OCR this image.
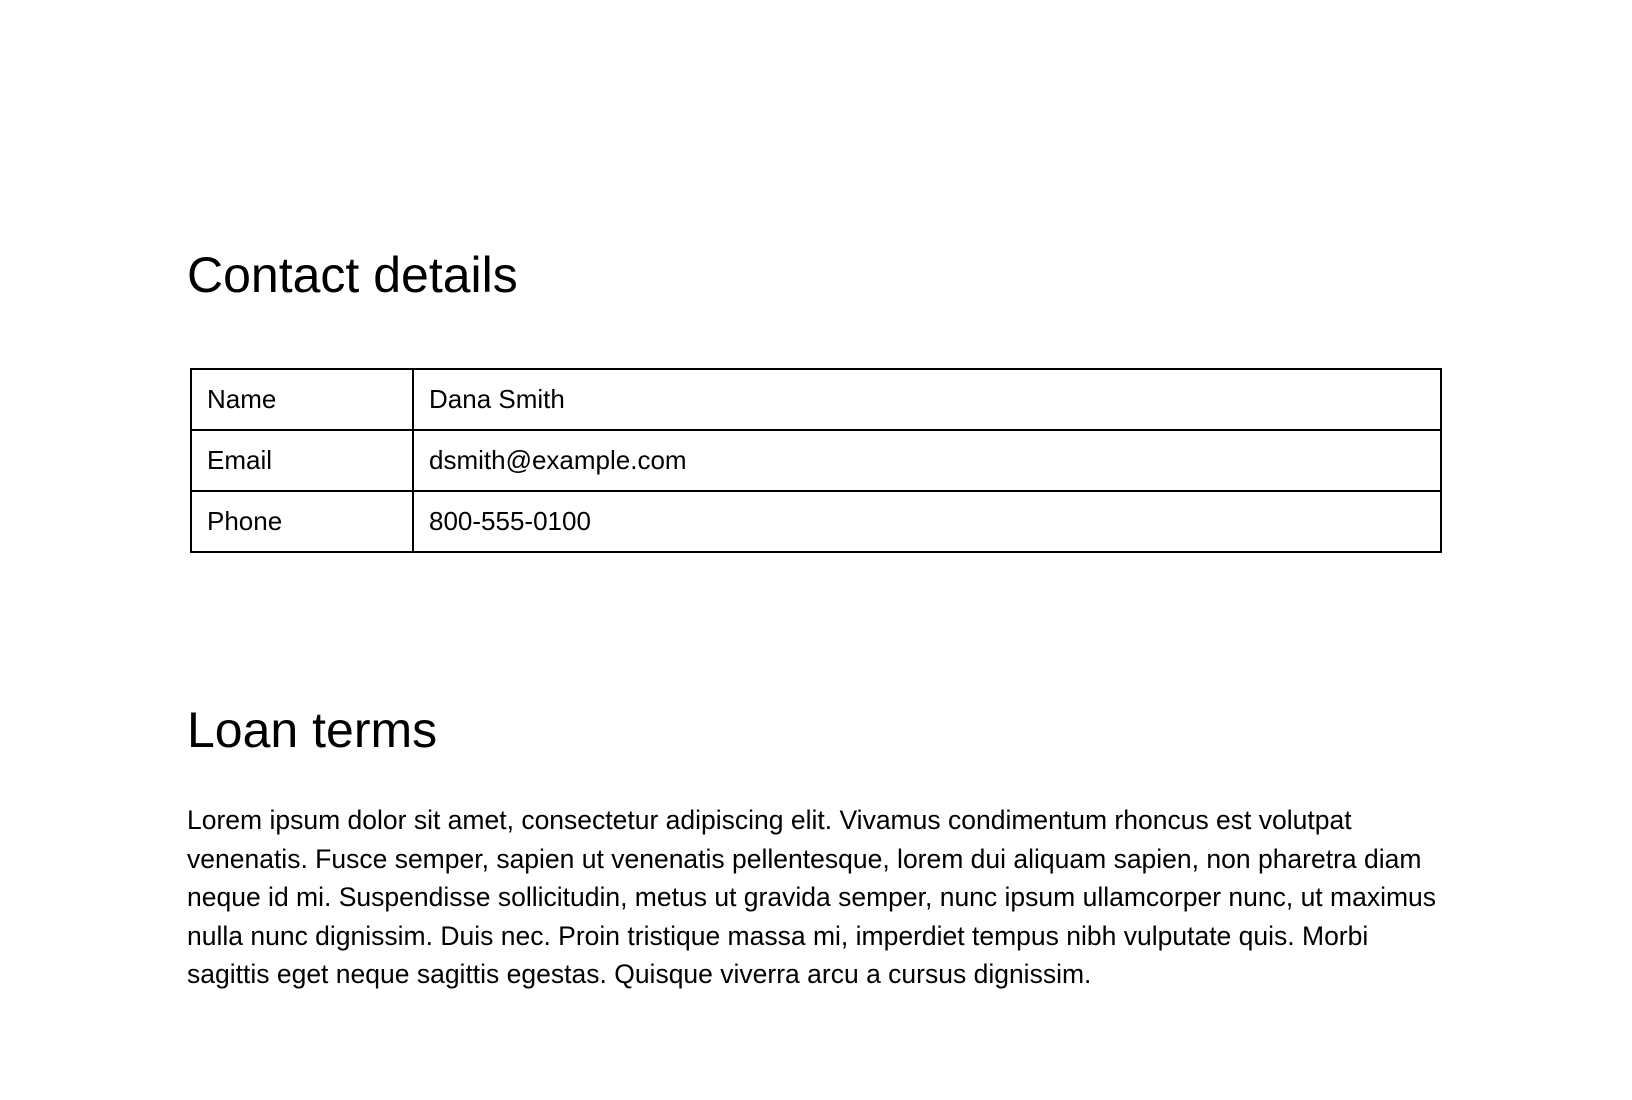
Contact details
Name	Dana Smith
Email	dsmith@example.com
Phone	800-555-0100
Loan terms

Lorem ipsum dolor sit amet, consectetur adipiscing elit. Vivamus condimentum rhoncus est volutpat venenatis. Fusce semper, sapien ut venenatis pellentesque, lorem dui aliquam sapien, non pharetra diam neque id mi. Suspendisse sollicitudin, metus ut gravida semper, nunc ipsum ullamcorper nunc, ut maximus nulla nunc dignissim. Duis nec. Proin tristique massa mi, imperdiet tempus nibh vulputate quis. Morbi sagittis eget neque sagittis egestas. Quisque viverra arcu a cursus dignissim.
